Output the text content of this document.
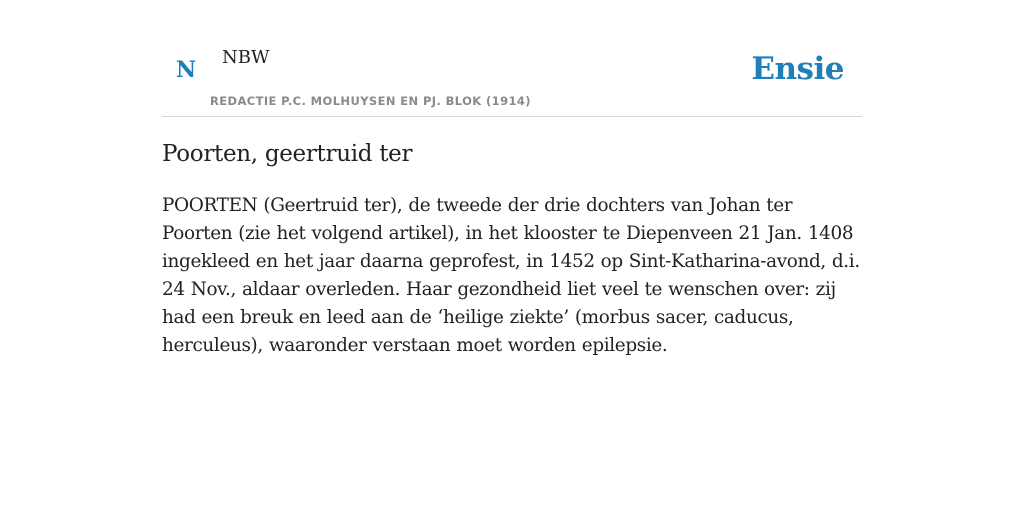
N NBW
REDACTIE P.C. MOLHUYSEN EN PJ. BLOK (1914)
Ensie
Poorten, geertruid ter

POORTEN (Geertruid ter), de tweede der drie dochters van Johan ter Poorten (zie het volgend artikel), in het klooster te Diepenveen 21 Jan. 1408 ingekleed en het jaar daarna geprofest, in 1452 op Sint-Katharina-avond, d.i. 24 Nov., aldaar overleden. Haar gezondheid liet veel te wenschen over: zij had een breuk en leed aan de ‘heilige ziekte’ (morbus sacer, caducus, herculeus), waaronder verstaan moet worden epilepsie.
